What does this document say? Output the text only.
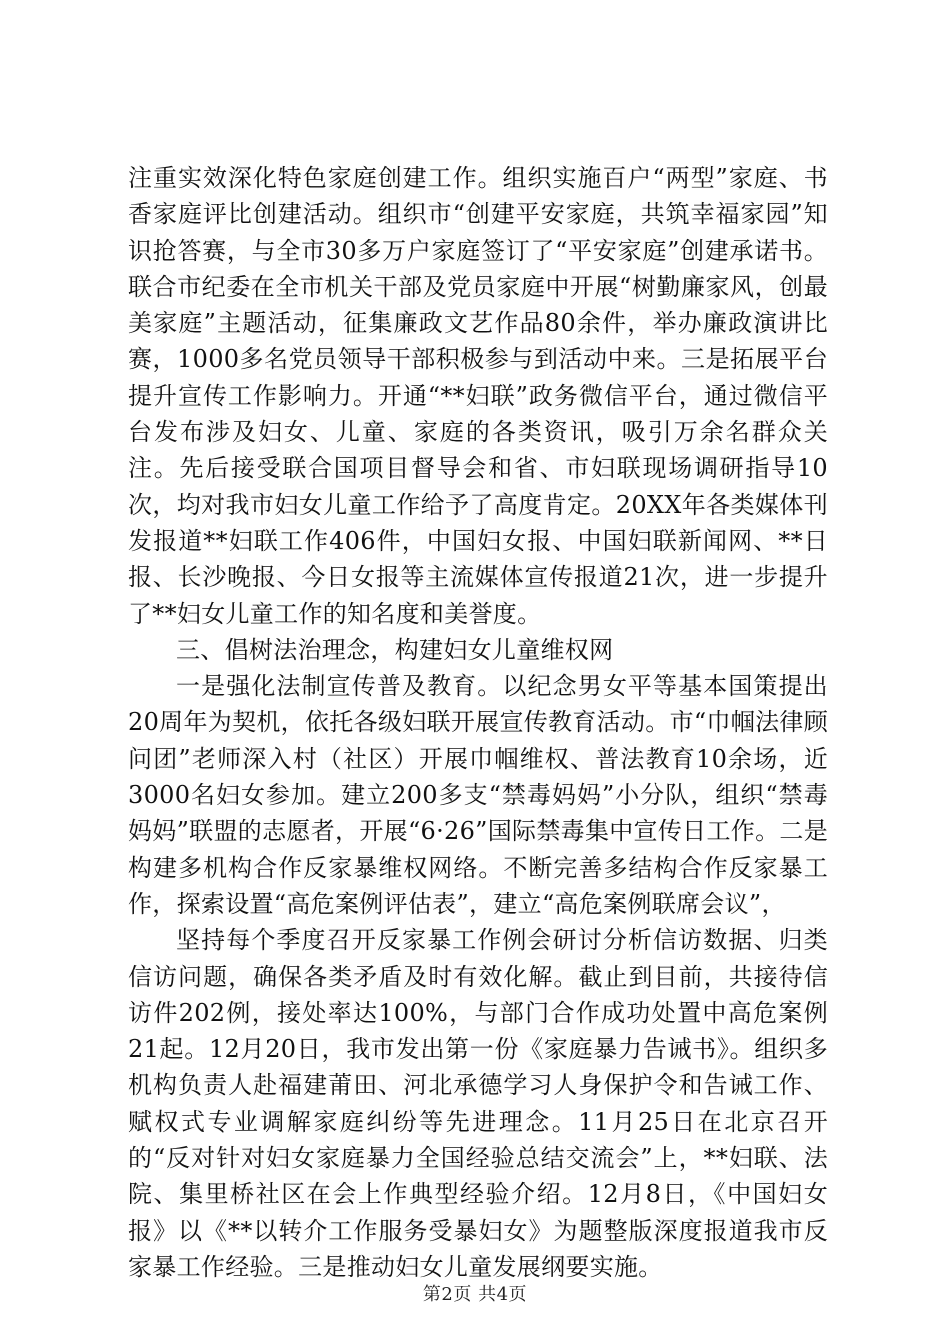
注重实效深化特色家庭创建工作。组织实施百户“两型”家庭、书香家庭评比创建活动。组织市“创建平安家庭，共筑幸福家园”知识抢答赛，与全市30多万户家庭签订了“平安家庭”创建承诺书。联合市纪委在全市机关干部及党员家庭中开展“树勤廉家风，创最美家庭”主题活动，征集廉政文艺作品80余件，举办廉政演讲比赛，1000多名党员领导干部积极参与到活动中来。三是拓展平台提升宣传工作影响力。开通“**妇联”政务微信平台，通过微信平台发布涉及妇女、儿童、家庭的各类资讯，吸引万余名群众关注。先后接受联合国项目督导会和省、市妇联现场调研指导10次，均对我市妇女儿童工作给予了高度肯定。20XX年各类媒体刊发报道**妇联工作406件，中国妇女报、中国妇联新闻网、**日报、长沙晚报、今日女报等主流媒体宣传报道21次，进一步提升了**妇女儿童工作的知名度和美誉度。

三、倡树法治理念，构建妇女儿童维权网

一是强化法制宣传普及教育。以纪念男女平等基本国策提出20周年为契机，依托各级妇联开展宣传教育活动。市“巾帼法律顾问团”老师深入村（社区）开展巾帼维权、普法教育10余场，近3000名妇女参加。建立200多支“禁毒妈妈”小分队，组织“禁毒妈妈”联盟的志愿者，开展“6·26”国际禁毒集中宣传日工作。二是构建多机构合作反家暴维权网络。不断完善多结构合作反家暴工作，探索设置“高危案例评估表”，建立“高危案例联席会议”，

坚持每个季度召开反家暴工作例会研讨分析信访数据、归类信访问题，确保各类矛盾及时有效化解。截止到目前，共接待信访件202例，接处率达100%，与部门合作成功处置中高危案例21起。12月20日，我市发出第一份《家庭暴力告诫书》。组织多机构负责人赴福建莆田、河北承德学习人身保护令和告诫工作、赋权式专业调解家庭纠纷等先进理念。11月25日在北京召开的“反对针对妇女家庭暴力全国经验总结交流会”上，**妇联、法院、集里桥社区在会上作典型经验介绍。12月8日，《中国妇女报》以《**以转介工作服务受暴妇女》为题整版深度报道我市反家暴工作经验。三是推动妇女儿童发展纲要实施。

第2页 共4页
